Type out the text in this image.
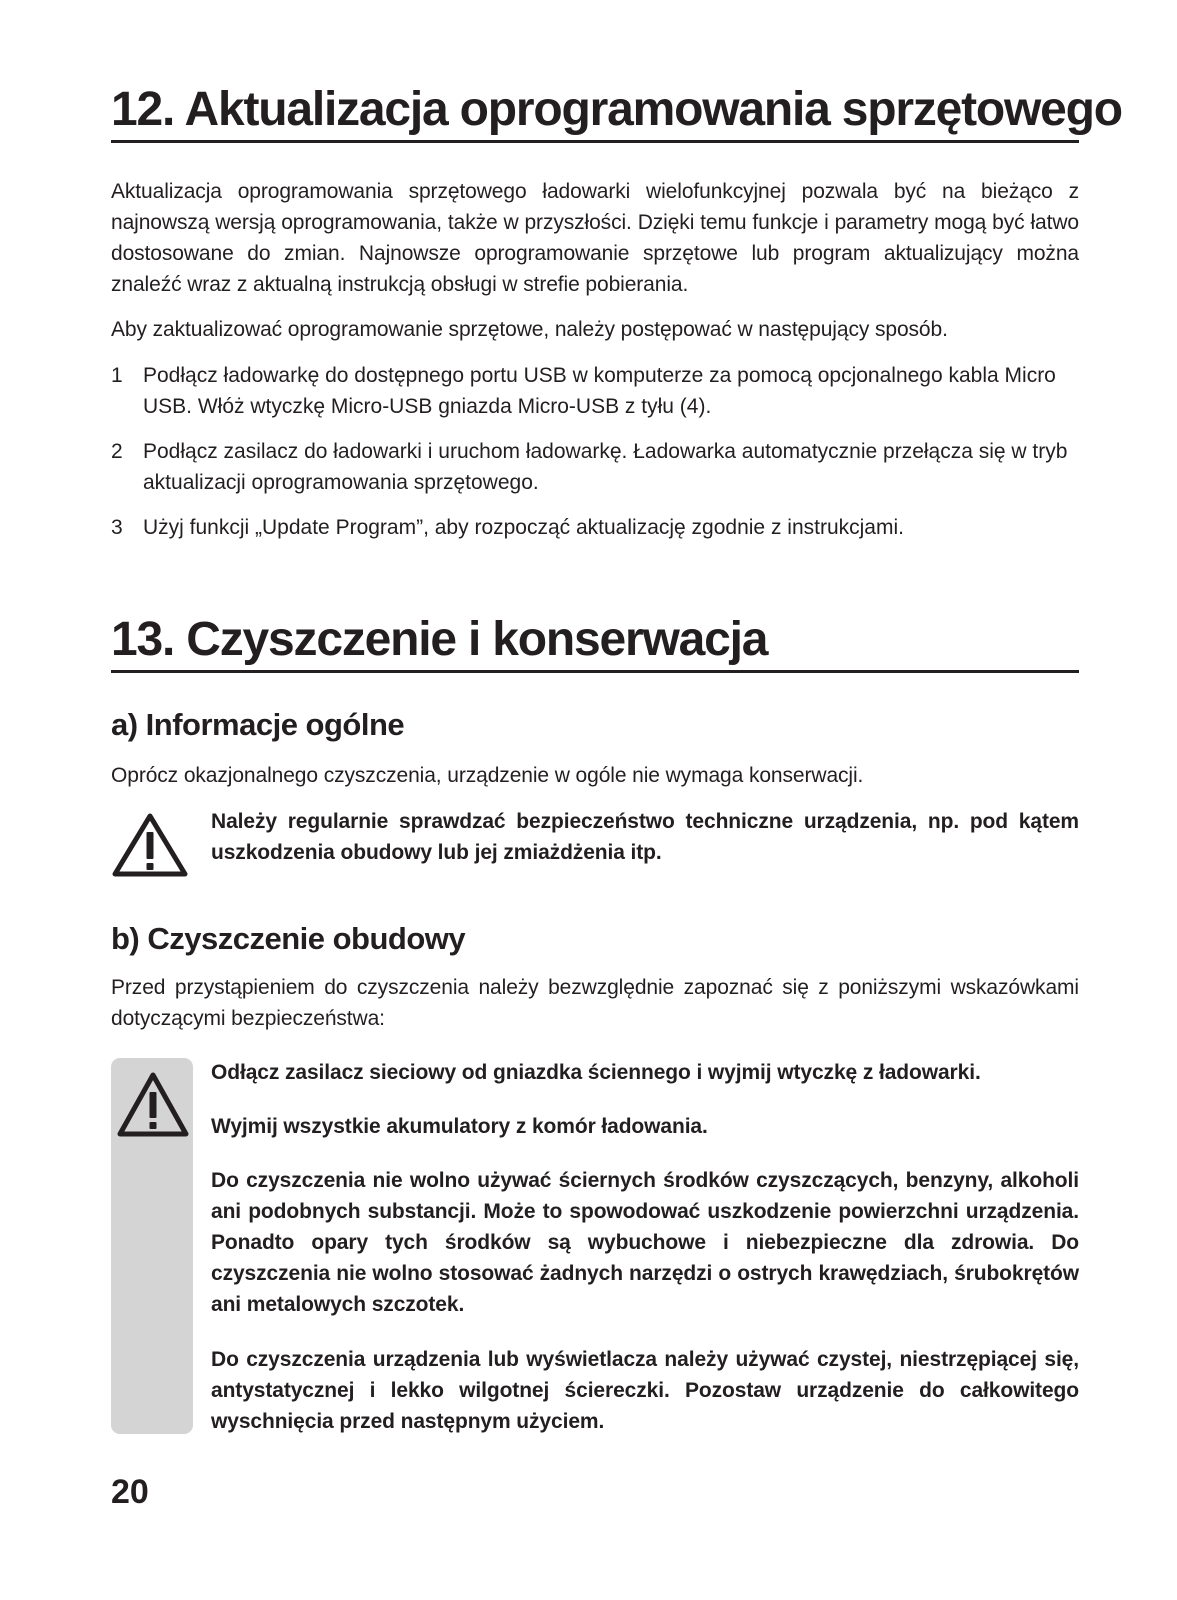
12. Aktualizacja oprogramowania sprzętowego
Aktualizacja oprogramowania sprzętowego ładowarki wielofunkcyjnej pozwala być na bieżąco z najnowszą wersją oprogramowania, także w przyszłości. Dzięki temu funkcje i parametry mogą być łatwo dostosowane do zmian. Najnowsze oprogramowanie sprzętowe lub program aktualizujący można znaleźć wraz z aktualną instrukcją obsługi w strefie pobierania.
Aby zaktualizować oprogramowanie sprzętowe, należy postępować w następujący sposób.
1 Podłącz ładowarkę do dostępnego portu USB w komputerze za pomocą opcjonalnego kabla Micro USB. Włóż wtyczkę Micro-USB gniazda Micro-USB z tyłu (4).
2 Podłącz zasilacz do ładowarki i uruchom ładowarkę. Ładowarka automatycznie przełącza się w tryb aktualizacji oprogramowania sprzętowego.
3 Użyj funkcji „Update Program”, aby rozpocząć aktualizację zgodnie z instrukcjami.
13. Czyszczenie i konserwacja
a) Informacje ogólne
Oprócz okazjonalnego czyszczenia, urządzenie w ogóle nie wymaga konserwacji.
Należy regularnie sprawdzać bezpieczeństwo techniczne urządzenia, np. pod kątem uszkodzenia obudowy lub jej zmiażdżenia itp.
b) Czyszczenie obudowy
Przed przystąpieniem do czyszczenia należy bezwzględnie zapoznać się z poniższymi wskazówkami dotyczącymi bezpieczeństwa:
Odłącz zasilacz sieciowy od gniazdka ściennego i wyjmij wtyczkę z ładowarki.
Wyjmij wszystkie akumulatory z komór ładowania.
Do czyszczenia nie wolno używać ściernych środków czyszczących, benzyny, alkoholi ani podobnych substancji. Może to spowodować uszkodzenie powierzchni urządzenia. Ponadto opary tych środków są wybuchowe i niebezpieczne dla zdrowia. Do czyszczenia nie wolno stosować żadnych narzędzi o ostrych krawędziach, śrubokrętów ani metalowych szczotek.
Do czyszczenia urządzenia lub wyświetlacza należy używać czystej, niestrzępiącej się, antystatycznej i lekko wilgotnej ściereczki. Pozostaw urządzenie do całkowitego wyschnięcia przed następnym użyciem.
20
